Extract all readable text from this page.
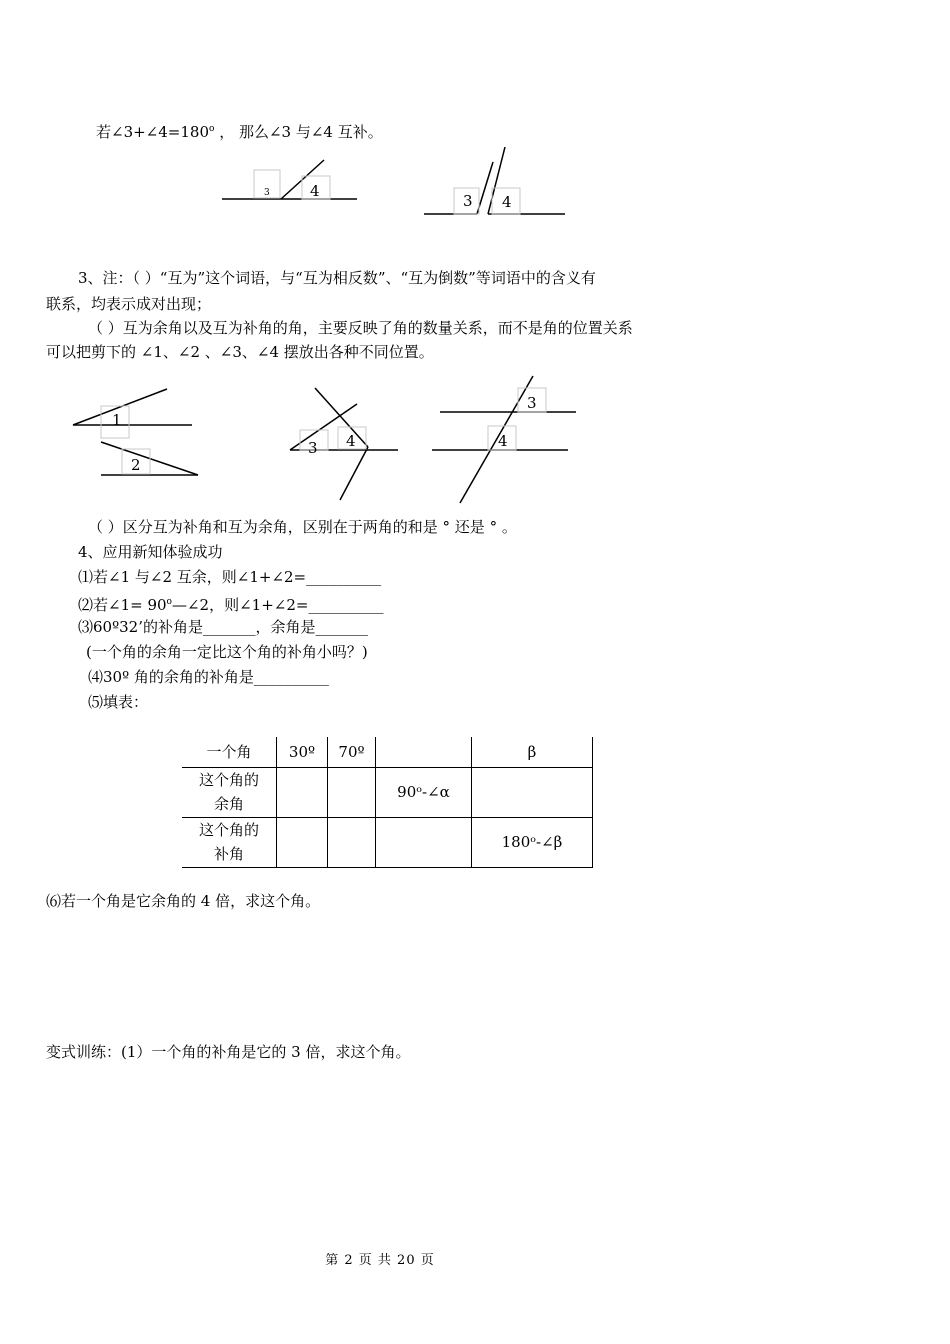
若$\angle 3+\angle 4=180^o$ ， 那么∠3 与∠4 互补。
3	4
3 4
1
2
3 4
3
4
3、注：（ ）“互为”这个词语，与“互为相反数”、“互为倒数”等词语中的含义有
联系，均表示成对出现；
（ ）互为余角以及互为补角的角，主要反映了角的数量关系，而不是角的位置关系
可以把剪下的 ∠1、∠2 、∠3、∠4 摆放出各种不同位置。
（ ）区分互为补角和互为余角，区别在于两角的和是 ° 还是 ° 。
4、应用新知体验成功
⑴若∠1 与∠2 互余，则∠1+∠2=__________
⑵若∠1= $90^o—\angle 2$，则∠1+∠2=__________
⑶60º32’的补角是_______，余角是_______
(一个角的余角一定比这个角的补角小吗？)
⑷30º 角的余角的补角是__________
⑸填表：
一个角	30º	70º		β

这个角的余角			90ᵒ-∠α	

这个角的补角				180ᵒ-∠β
⑹若一个角是它余角的 4 倍，求这个角。
变式训练：(1）一个角的补角是它的 3 倍，求这个角。
第 2 页 共 20 页
